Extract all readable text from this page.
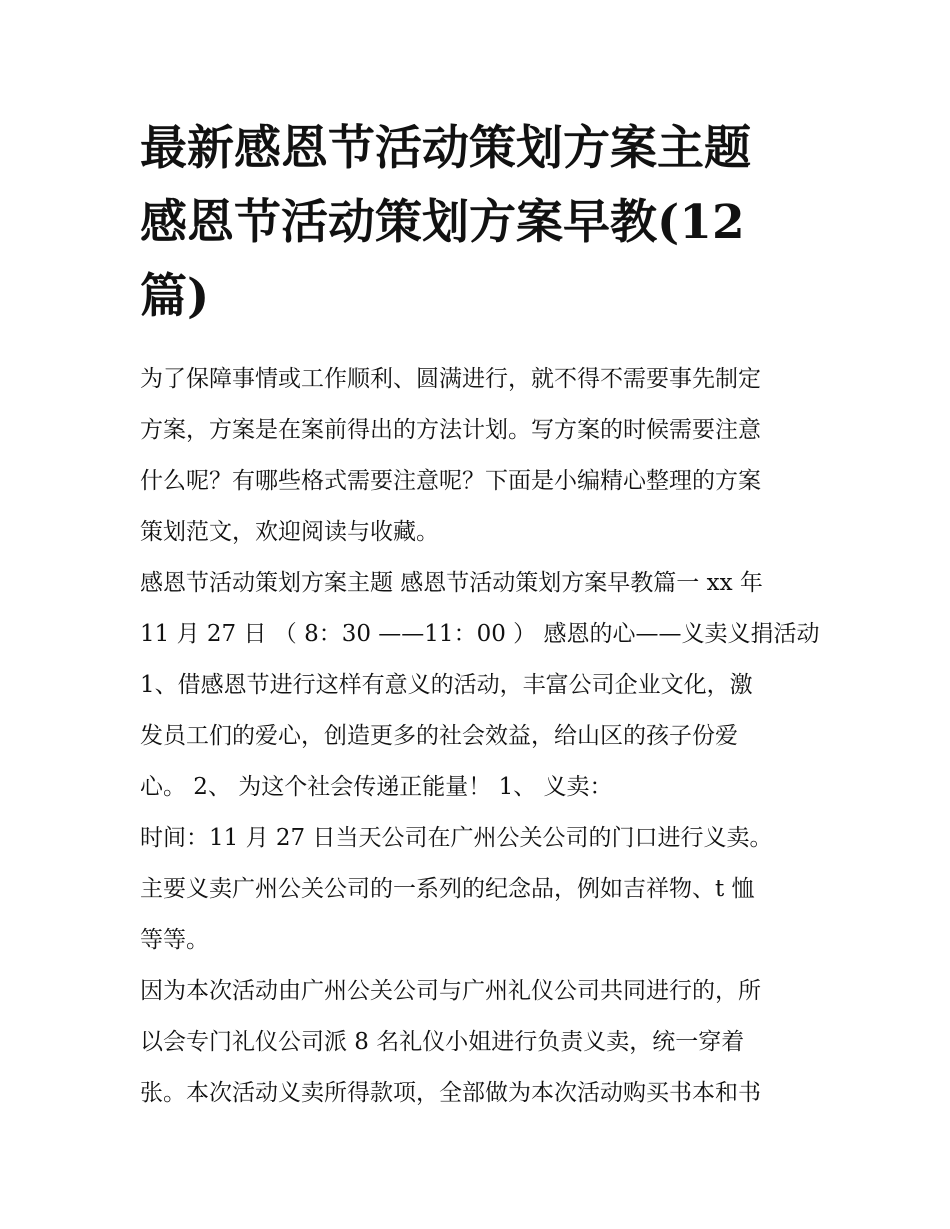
最新感恩节活动策划方案主题
感恩节活动策划方案早教(12
篇)

为了保障事情或工作顺利、圆满进行，就不得不需要事先制定
方案，方案是在案前得出的方法计划。写方案的时候需要注意
什么呢？有哪些格式需要注意呢？下面是小编精心整理的方案
策划范文，欢迎阅读与收藏。

感恩节活动策划方案主题 感恩节活动策划方案早教篇一 xx 年
11 月 27 日 （ 8：30 ——11：00 ） 感恩的心——义卖义捐活动
1、借感恩节进行这样有意义的活动，丰富公司企业文化，激
发员工们的爱心，创造更多的社会效益，给山区的孩子份爱
心。 2、 为这个社会传递正能量！ 1、 义卖：

时间：11 月 27 日当天公司在广州公关公司的门口进行义卖。
主要义卖广州公关公司的一系列的纪念品，例如吉祥物、t 恤
等等。

因为本次活动由广州公关公司与广州礼仪公司共同进行的，所
以会专门礼仪公司派 8 名礼仪小姐进行负责义卖，统一穿着
张。本次活动义卖所得款项，全部做为本次活动购买书本和书
